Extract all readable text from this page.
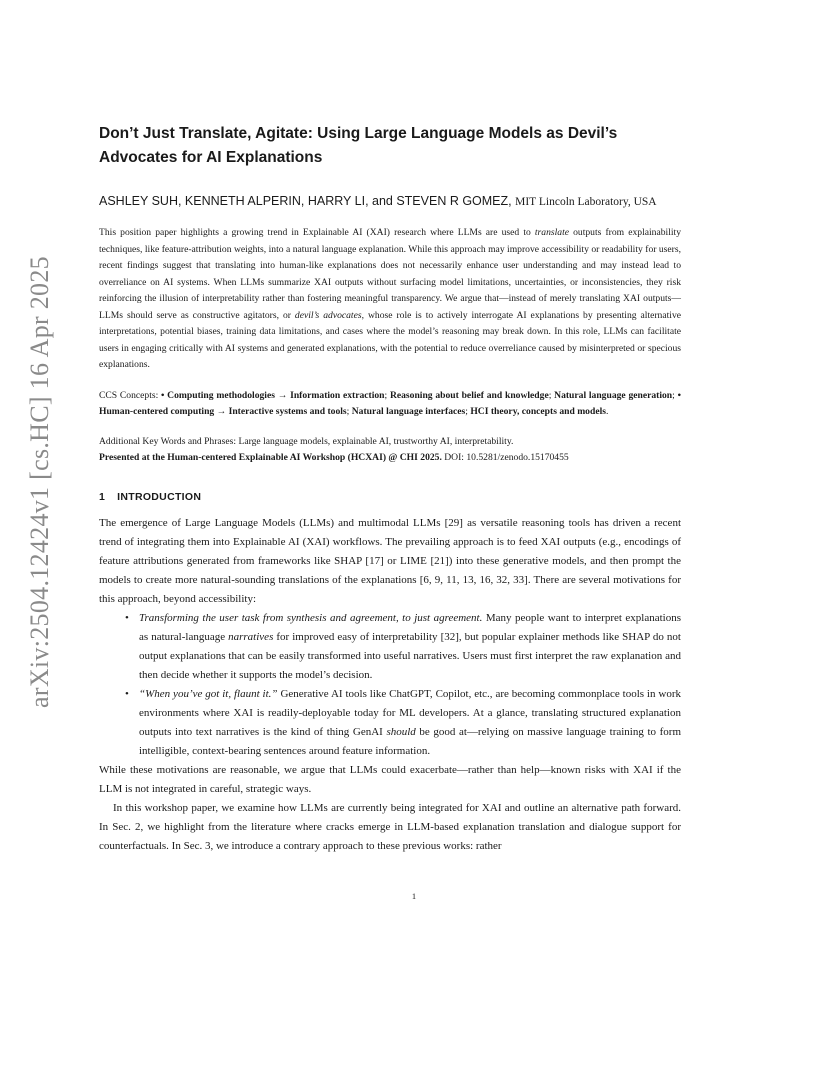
arXiv:2504.12424v1 [cs.HC] 16 Apr 2025
Don’t Just Translate, Agitate: Using Large Language Models as Devil’s Advocates for AI Explanations
ASHLEY SUH, KENNETH ALPERIN, HARRY LI, and STEVEN R GOMEZ, MIT Lincoln Laboratory, USA
This position paper highlights a growing trend in Explainable AI (XAI) research where LLMs are used to translate outputs from explainability techniques, like feature-attribution weights, into a natural language explanation. While this approach may improve accessibility or readability for users, recent findings suggest that translating into human-like explanations does not necessarily enhance user understanding and may instead lead to overreliance on AI systems. When LLMs summarize XAI outputs without surfacing model limitations, uncertainties, or inconsistencies, they risk reinforcing the illusion of interpretability rather than fostering meaningful transparency. We argue that—instead of merely translating XAI outputs—LLMs should serve as constructive agitators, or devil’s advocates, whose role is to actively interrogate AI explanations by presenting alternative interpretations, potential biases, training data limitations, and cases where the model’s reasoning may break down. In this role, LLMs can facilitate users in engaging critically with AI systems and generated explanations, with the potential to reduce overreliance caused by misinterpreted or specious explanations.
CCS Concepts: • Computing methodologies → Information extraction; Reasoning about belief and knowledge; Natural language generation; • Human-centered computing → Interactive systems and tools; Natural language interfaces; HCI theory, concepts and models.
Additional Key Words and Phrases: Large language models, explainable AI, trustworthy AI, interpretability.
Presented at the Human-centered Explainable AI Workshop (HCXAI) @ CHI 2025. DOI: 10.5281/zenodo.15170455
1 INTRODUCTION

The emergence of Large Language Models (LLMs) and multimodal LLMs [29] as versatile reasoning tools has driven a recent trend of integrating them into Explainable AI (XAI) workflows. The prevailing approach is to feed XAI outputs (e.g., encodings of feature attributions generated from frameworks like SHAP [17] or LIME [21]) into these generative models, and then prompt the models to create more natural-sounding translations of the explanations [6, 9, 11, 13, 16, 32, 33]. There are several motivations for this approach, beyond accessibility:

• Transforming the user task from synthesis and agreement, to just agreement. Many people want to interpret explanations as natural-language narratives for improved easy of interpretability [32], but popular explainer methods like SHAP do not output explanations that can be easily transformed into useful narratives. Users must first interpret the raw explanation and then decide whether it supports the model’s decision.
• “When you’ve got it, flaunt it.” Generative AI tools like ChatGPT, Copilot, etc., are becoming commonplace tools in work environments where XAI is readily-deployable today for ML developers. At a glance, translating structured explanation outputs into text narratives is the kind of thing GenAI should be good at—relying on massive language training to form intelligible, context-bearing sentences around feature information.

While these motivations are reasonable, we argue that LLMs could exacerbate—rather than help—known risks with XAI if the LLM is not integrated in careful, strategic ways.

In this workshop paper, we examine how LLMs are currently being integrated for XAI and outline an alternative path forward. In Sec. 2, we highlight from the literature where cracks emerge in LLM-based explanation translation and dialogue support for counterfactuals. In Sec. 3, we introduce a contrary approach to these previous works: rather

1
